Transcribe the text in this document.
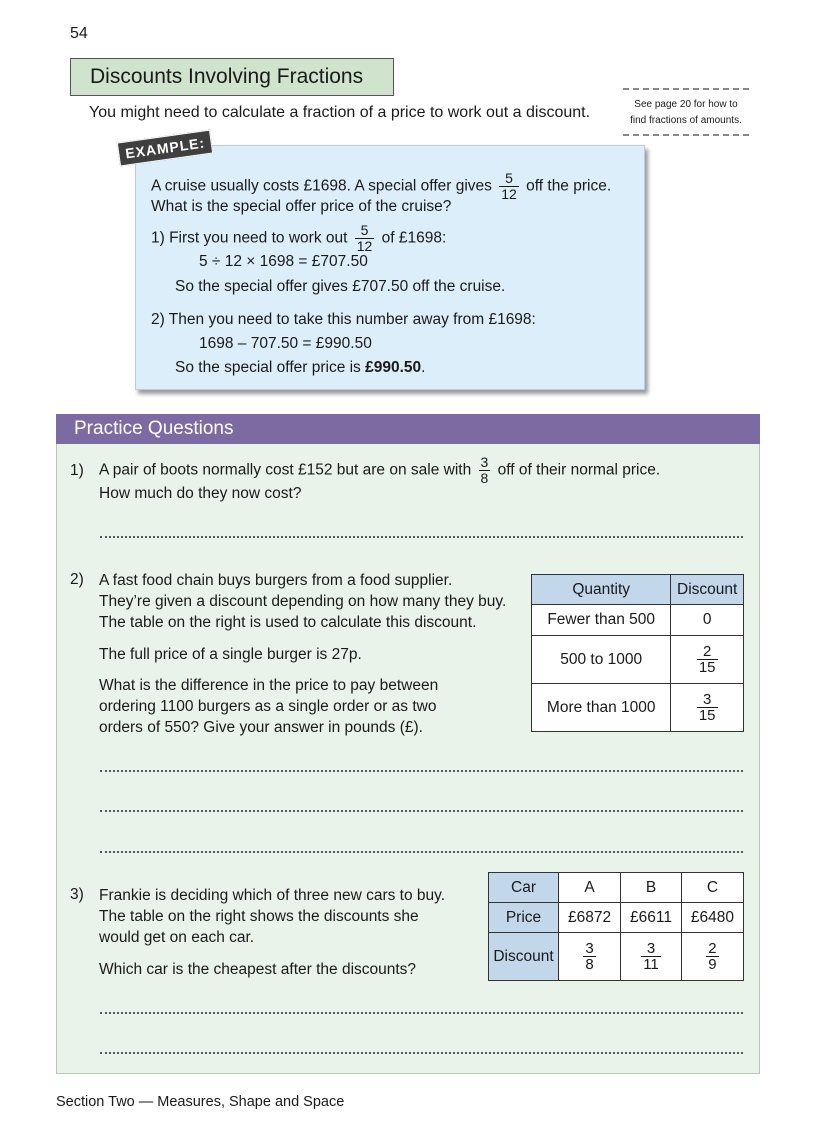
54
Discounts Involving Fractions
You might need to calculate a fraction of a price to work out a discount.	See page 20 for how to
find fractions of amounts.
A cruise usually costs £1698. A special offer gives $\frac{5}{12}$ off the price.
What is the special offer price of the cruise?
1) First you need to work out $\frac{5}{12}$ of £1698:
5 ÷ 12 × 1698 = £707.50
So the special offer gives £707.50 off the cruise.
2) Then you need to take this number away from £1698:
1698 – 707.50 = £990.50
So the special offer price is £990.50.
EXAMPLE:
Practice Questions
1) A pair of boots normally cost £152 but are on sale with $\frac{3}{8}$ off of their normal price.
How much do they now cost?
2) A fast food chain buys burgers from a food supplier.
They’re given a discount depending on how many they buy.
The table on the right is used to calculate this discount.
The full price of a single burger is 27p.
What is the difference in the price to pay between
ordering 1100 burgers as a single order or as two
orders of 550? Give your answer in pounds (£).
Quantity	Discount
Fewer than 500	0
500 to 1000	$\frac{2}{15}$

More than 1000	$\frac{3}{15}$
3) Frankie is deciding which of three new cars to buy.
The table on the right shows the discounts she
would get on each car.
Which car is the cheapest after the discounts?
Car	A	B	C
Price	£6872	£6611	£6480
Discount	$\frac{3}{8}$	$\frac{3}{11}$	$\frac{2}{9}$
Section Two — Measures, Shape and Space
